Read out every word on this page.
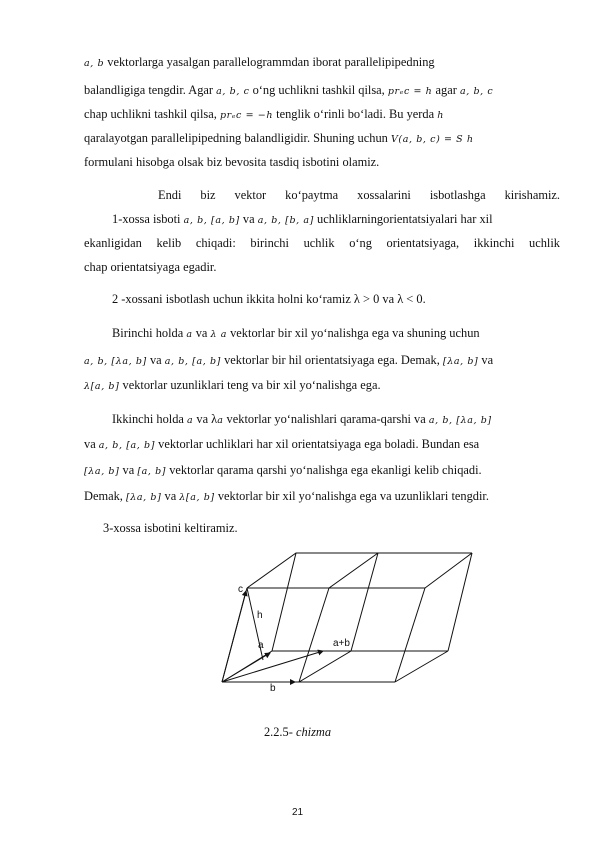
a, b vektorlarga yasalgan parallelogrammdan iborat parallelipipedning
balandligiga tengdir. Agar a, b, c o‘ng uchlikni tashkil qilsa, prₑc = h agar a, b, c
chap uchlikni tashkil qilsa, prₑc = −h tenglik o‘rinli bo‘ladi. Bu yerda h
qaralayotgan parallelipipedning balandligidir. Shuning uchun V(a, b, c) = S h
formulani hisobga olsak biz bevosita tasdiq isbotini olamiz.
Endi biz vektor ko‘paytma xossalarini isbotlashga kirishamiz.
1-xossa isboti a, b, [a, b] va a, b, [b, a] uchliklarningorientatsiyalari har xil
ekanligidan kelib chiqadi: birinchi uchlik o‘ng orientatsiyaga, ikkinchi uchlik
chap orientatsiyaga egadir.
2 -xossani isbotlash uchun ikkita holni ko‘ramiz λ > 0 va λ < 0.
Birinchi holda a va λ a vektorlar bir xil yo‘nalishga ega va shuning uchun
a, b, [λa, b] va a, b, [a, b] vektorlar bir hil orientatsiyaga ega. Demak, [λa, b] va
λ[a, b] vektorlar uzunliklari teng va bir xil yo‘nalishga ega.
Ikkinchi holda a va λa vektorlar yo‘nalishlari qarama-qarshi va a, b, [λa, b]
va a, b, [a, b] vektorlar uchliklari har xil orientatsiyaga ega boladi. Bundan esa
[λa, b] va [a, b] vektorlar qarama qarshi yo‘nalishga ega ekanligi kelib chiqadi.
Demak, [λa, b] va λ[a, b] vektorlar bir xil yo‘nalishga ega va uzunliklari tengdir.
3-xossa isbotini keltiramiz.
c
h
a	a+b
b
2.2.5- chizma
21
